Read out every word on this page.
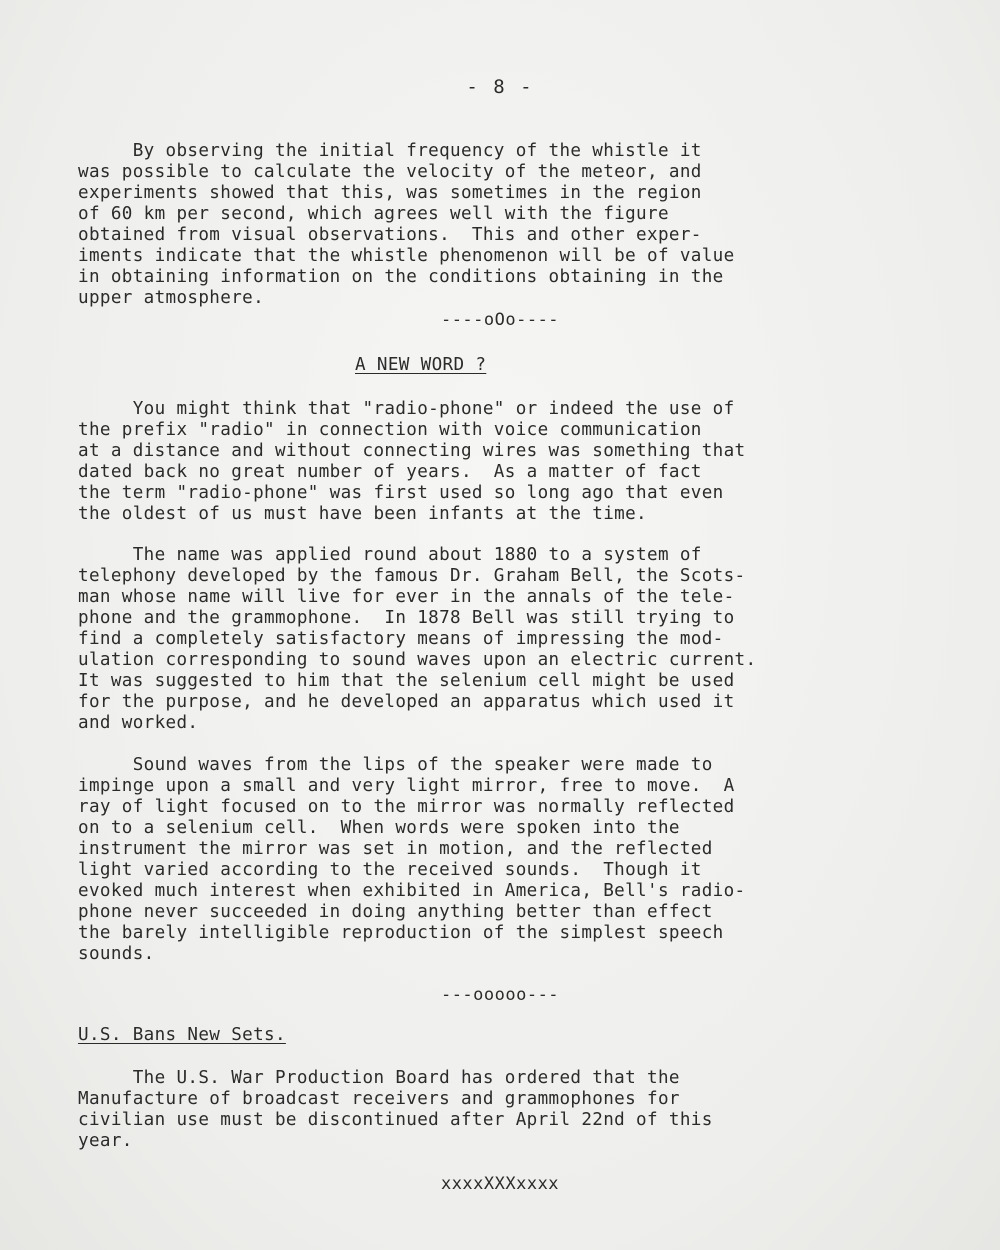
- 8 -
By observing the initial frequency of the whistle it
was possible to calculate the velocity of the meteor, and
experiments showed that this, was sometimes in the region
of 60 km per second, which agrees well with the figure
obtained from visual observations.  This and other exper-
iments indicate that the whistle phenomenon will be of value
in obtaining information on the conditions obtaining in the
upper atmosphere.
----oOo----
A NEW WORD ?
You might think that "radio-phone" or indeed the use of
the prefix "radio" in connection with voice communication
at a distance and without connecting wires was something that
dated back no great number of years.  As a matter of fact
the term "radio-phone" was first used so long ago that even
the oldest of us must have been infants at the time.
The name was applied round about 1880 to a system of
telephony developed by the famous Dr. Graham Bell, the Scots-
man whose name will live for ever in the annals of the tele-
phone and the grammophone.  In 1878 Bell was still trying to
find a completely satisfactory means of impressing the mod-
ulation corresponding to sound waves upon an electric current.
It was suggested to him that the selenium cell might be used
for the purpose, and he developed an apparatus which used it
and worked.
Sound waves from the lips of the speaker were made to
impinge upon a small and very light mirror, free to move.  A
ray of light focused on to the mirror was normally reflected
on to a selenium cell.  When words were spoken into the
instrument the mirror was set in motion, and the reflected
light varied according to the received sounds.  Though it
evoked much interest when exhibited in America, Bell's radio-
phone never succeeded in doing anything better than effect
the barely intelligible reproduction of the simplest speech
sounds.
---ooooo---
U.S. Bans New Sets.
The U.S. War Production Board has ordered that the
Manufacture of broadcast receivers and grammophones for
civilian use must be discontinued after April 22nd of this
year.
xxxxXXXxxxx
